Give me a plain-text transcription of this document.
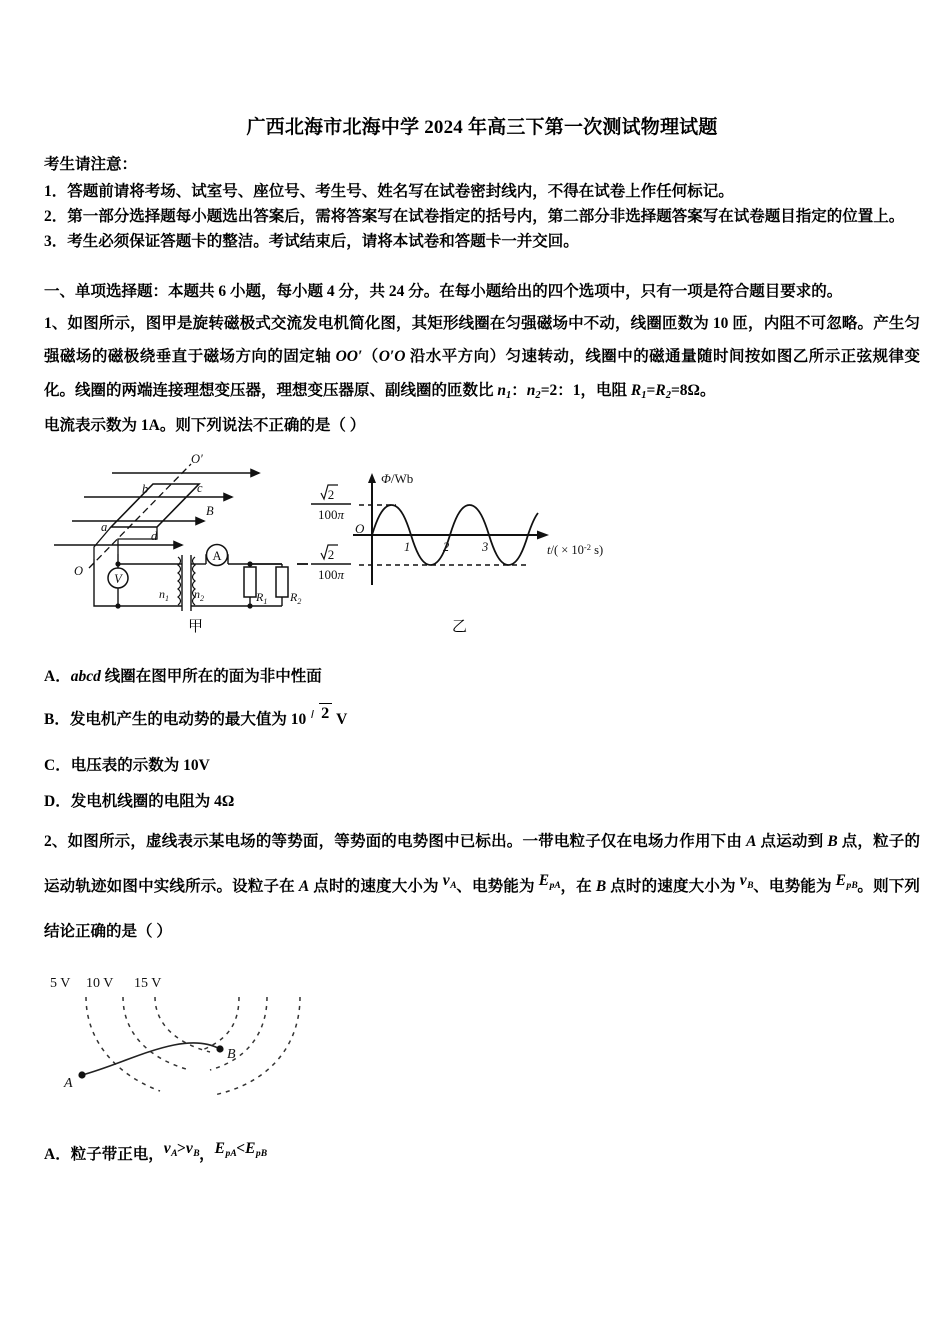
广西北海市北海中学 2024 年高三下第一次测试物理试题
考生请注意：
1．答题前请将考场、试室号、座位号、考生号、姓名写在试卷密封线内，不得在试卷上作任何标记。
2．第一部分选择题每小题选出答案后，需将答案写在试卷指定的括号内，第二部分非选择题答案写在试卷题目指定的位置上。
3．考生必须保证答题卡的整洁。考试结束后，请将本试卷和答题卡一并交回。
一、单项选择题：本题共 6 小题，每小题 4 分，共 24 分。在每小题给出的四个选项中，只有一项是符合题目要求的。
1、如图所示，图甲是旋转磁极式交流发电机简化图，其矩形线圈在匀强磁场中不动，线圈匝数为 10 匝，内阻不可忽略。产生匀强磁场的磁极绕垂直于磁场方向的固定轴 OO′（O′O 沿水平方向）匀速转动，线圈中的磁通量随时间按如图乙所示正弦规律变化。线圈的两端连接理想变压器，理想变压器原、副线圈的匝数比 $n_1$：$n_2=2$：1，电阻 $R_1=R_2=8\Omega$。
电流表示数为 1A。则下列说法不正确的是（ ）
O′
O
b	c
a
d
B
V
A
$n_1$ $n_2$	$R_1$ $R_2$
甲
Φ/Wb
O
1	2	3	$t/( \times 10^{-2}$ s)
2
100π
2
100π
乙
A．abcd 线圈在图甲所在的面为非中性面
B．发电机产生的电动势的最大值为 10 2 V
C．电压表的示数为 10V
D．发电机线圈的电阻为 4Ω
2、如图所示，虚线表示某电场的等势面，等势面的电势图中已标出。一带电粒子仅在电场力作用下由 A 点运动到 B 点，粒子的运动轨迹如图中实线所示。设粒子在 A 点时的速度大小为 $v_A$、电势能为 $E_{pA}$，在 B 点时的速度大小为 $v_B$、电势能为 $E_{pB}$。则下列结论正确的是（ ）
A
B
5 V 10 V 15 V
A．粒子带正电，$v_A>v_B$，$E_{pA}<E_{pB}$
